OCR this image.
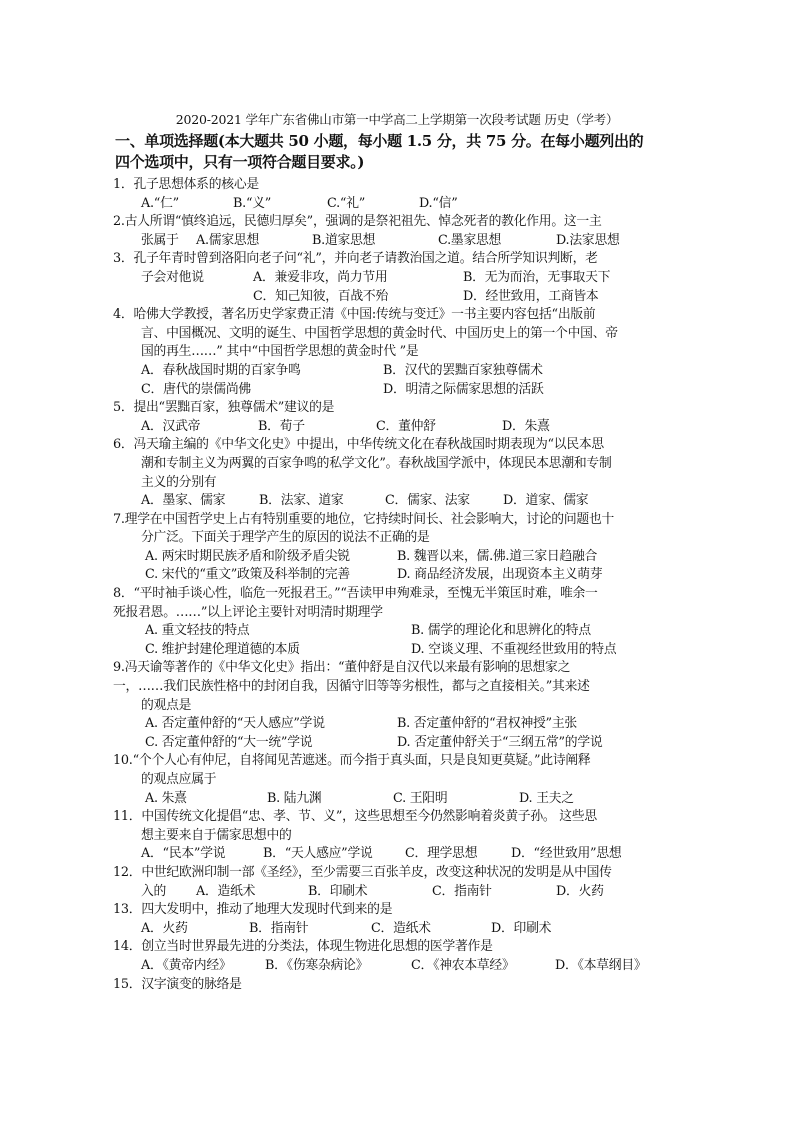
2020-2021 学年广东省佛山市第一中学高二上学期第一次段考试题 历史（学考）
一、单项选择题(本大题共 50 小题，每小题 1.5 分，共 75 分。在每小题列出的
四个选项中，只有一项符合题目要求。)
1．孔子思想体系的核心是
A.“仁”	B.“义”	C.“礼”	D.“信”
2.古人所谓“慎终追远，民德归厚矣”，强调的是祭祀祖先、悼念死者的教化作用。这一主
张属于	A.儒家思想	B.道家思想	C.墨家思想	D.法家思想
3．孔子年青时曾到洛阳向老子问“礼”，并向老子请教治国之道。结合所学知识判断，老
子会对他说	A．兼爱非攻，尚力节用	B．无为而治，无事取天下
C．知己知彼，百战不殆	D．经世致用，工商皆本
4．哈佛大学教授，著名历史学家费正清《中国:传统与变迁》一书主要内容包括“出版前
言、中国概况、文明的诞生、中国哲学思想的黄金时代、中国历史上的第一个中国、帝
国的再生……” 其中“中国哲学思想的黄金时代 ”是
A．春秋战国时期的百家争鸣	B．汉代的罢黜百家独尊儒术
C．唐代的崇儒尚佛	D．明清之际儒家思想的活跃
5．提出“罢黜百家，独尊儒术”建议的是
A．汉武帝	B．荀子	C．董仲舒	D．朱熹
6．冯天瑜主编的《中华文化史》中提出，中华传统文化在春秋战国时期表现为“以民本思
潮和专制主义为两翼的百家争鸣的私学文化”。春秋战国学派中，体现民本思潮和专制
主义的分别有
A．墨家、儒家	B．法家、道家	C．儒家、法家	D．道家、儒家
7.理学在中国哲学史上占有特别重要的地位，它持续时间长、社会影响大，讨论的问题也十
分广泛。下面关于理学产生的原因的说法不正确的是
A. 两宋时期民族矛盾和阶级矛盾尖锐	B. 魏晋以来，儒.佛.道三家日趋融合
C. 宋代的“重文”政策及科举制的完善	D. 商品经济发展，出现资本主义萌芽
8．“平时袖手谈心性，临危一死报君王。”“吾读甲申殉难录，至愧无半策匡时难，唯余一
死报君恩。……”以上评论主要针对明清时期理学
A. 重文轻技的特点	B. 儒学的理论化和思辨化的特点
C. 维护封建伦理道德的本质	D. 空谈义理、不重视经世致用的特点
9.冯天谕等著作的《中华文化史》指出：“董仲舒是自汉代以来最有影响的思想家之
一，……我们民族性格中的封闭自我，因循守旧等等劣根性，都与之直接相关。”其来述
的观点是
A. 否定董仲舒的“天人感应”学说	B. 否定董仲舒的“君权神授”主张
C. 否定董仲舒的“大一统”学说	D. 否定董仲舒关于“三纲五常”的学说
10.“个个人心有仲尼，自将闻见苦遮迷。而今指于真头面，只是良知更莫疑。”此诗阐释
的观点应属于
A. 朱熹	B. 陆九渊	C. 王阳明	D. 王夫之
11．中国传统文化提倡“忠、孝、节、义”，这些思想至今仍然影响着炎黄子孙。 这些思
想主要来自于儒家思想中的
A．“民本”学说	B．“天人感应”学说	C．理学思想	D．“经世致用”思想
12．中世纪欧洲印制一部《圣经》，至少需要三百张羊皮，改变这种状况的发明是从中国传
入的	A．造纸术	B．印刷术	C．指南针	D．火药
13．四大发明中，推动了地理大发现时代到来的是
A．火药	B．指南针	C．造纸术	D．印刷术
14．创立当时世界最先进的分类法，体现生物进化思想的医学著作是
A．《黄帝内经》	B．《伤寒杂病论》	C．《神农本草经》	D．《本草纲目》
15．汉字演变的脉络是
